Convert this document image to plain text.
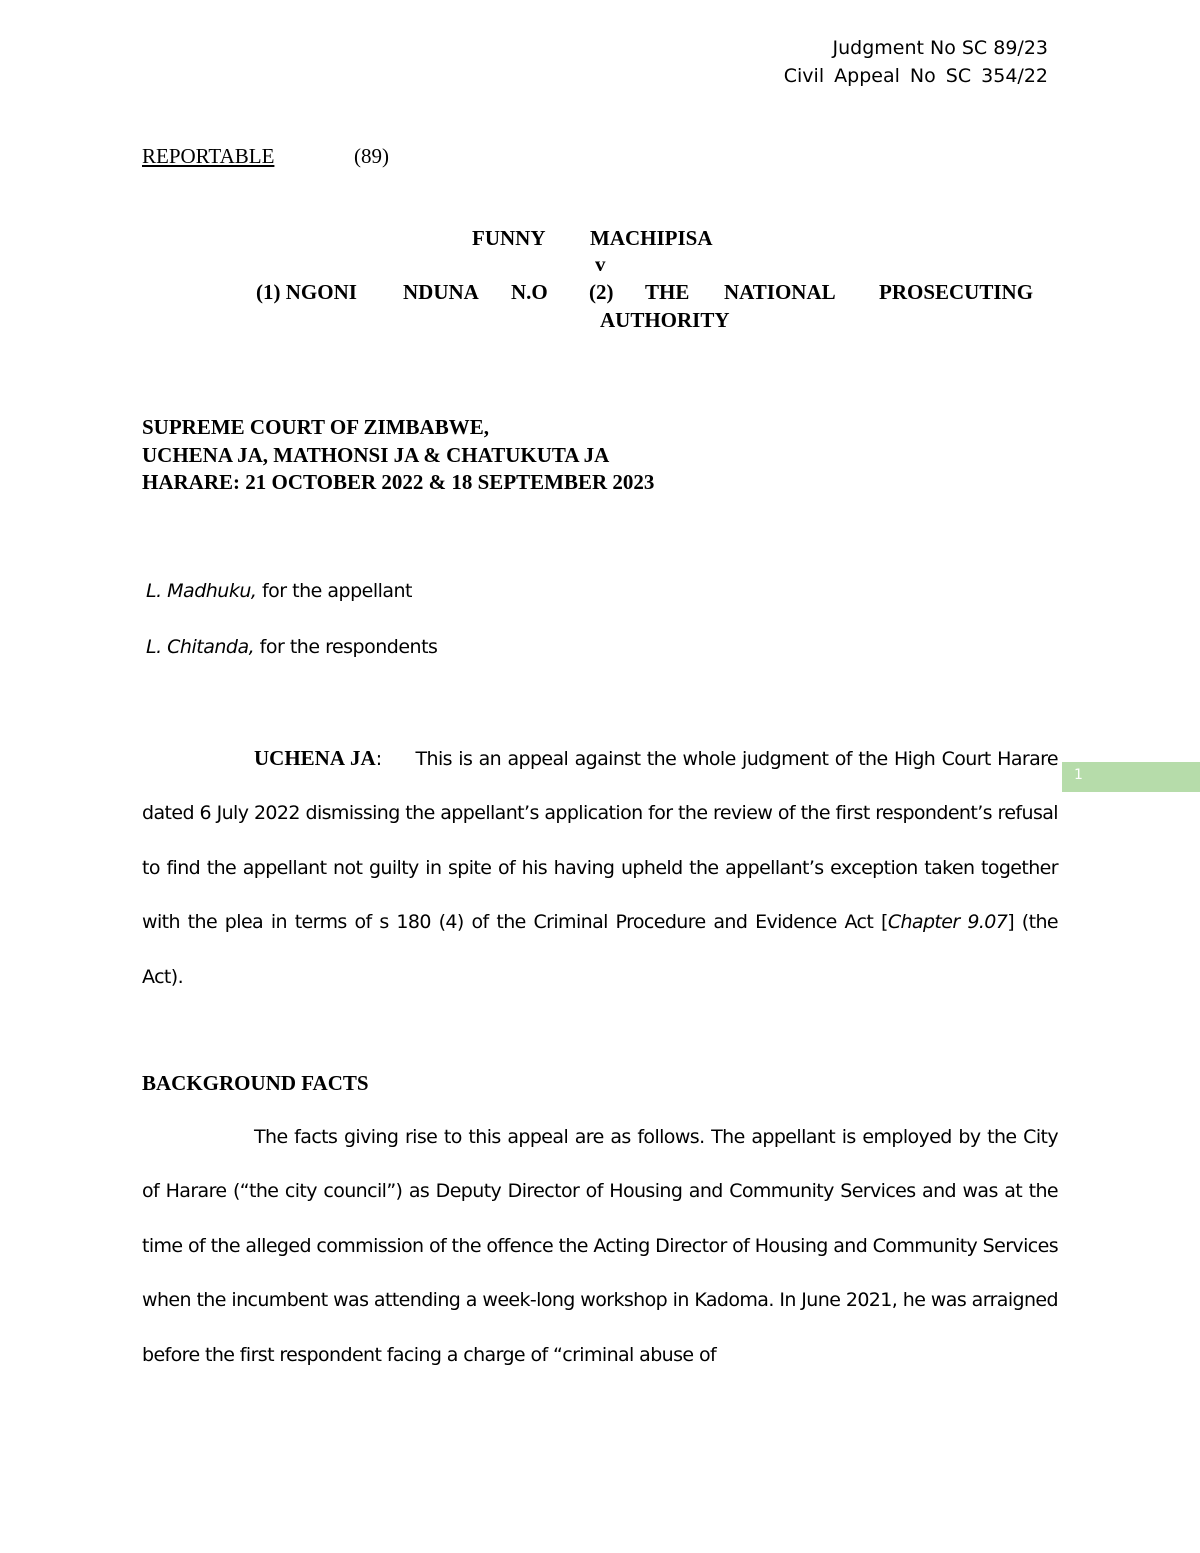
Judgment No SC 89/23

Civil Appeal No SC 354/22

REPORTABLE	(89)
FUNNY MACHIPISA
v
(1) NGONI NDUNA N.O (2) THE NATIONAL PROSECUTING
AUTHORITY
SUPREME COURT OF ZIMBABWE,
UCHENA JA, MATHONSI JA & CHATUKUTA JA
HARARE: 21 OCTOBER 2022 & 18 SEPTEMBER 2023

L. Madhuku, for the appellant

L. Chitanda, for the respondents

UCHENA JA: This is an appeal against the whole judgment of the High Court Harare dated 6 July 2022 dismissing the appellant’s application for the review of the first respondent’s refusal to find the appellant not guilty in spite of his having upheld the appellant’s exception taken together with the plea in terms of s 180 (4) of the Criminal Procedure and Evidence Act [Chapter 9.07] (the Act).

BACKGROUND FACTS

The facts giving rise to this appeal are as follows. The appellant is employed by the City of Harare (“the city council”) as Deputy Director of Housing and Community Services and was at the time of the alleged commission of the offence the Acting Director of Housing and Community Services when the incumbent was attending a week-long workshop in Kadoma. In June 2021, he was arraigned before the first respondent facing a charge of “criminal abuse of

1
